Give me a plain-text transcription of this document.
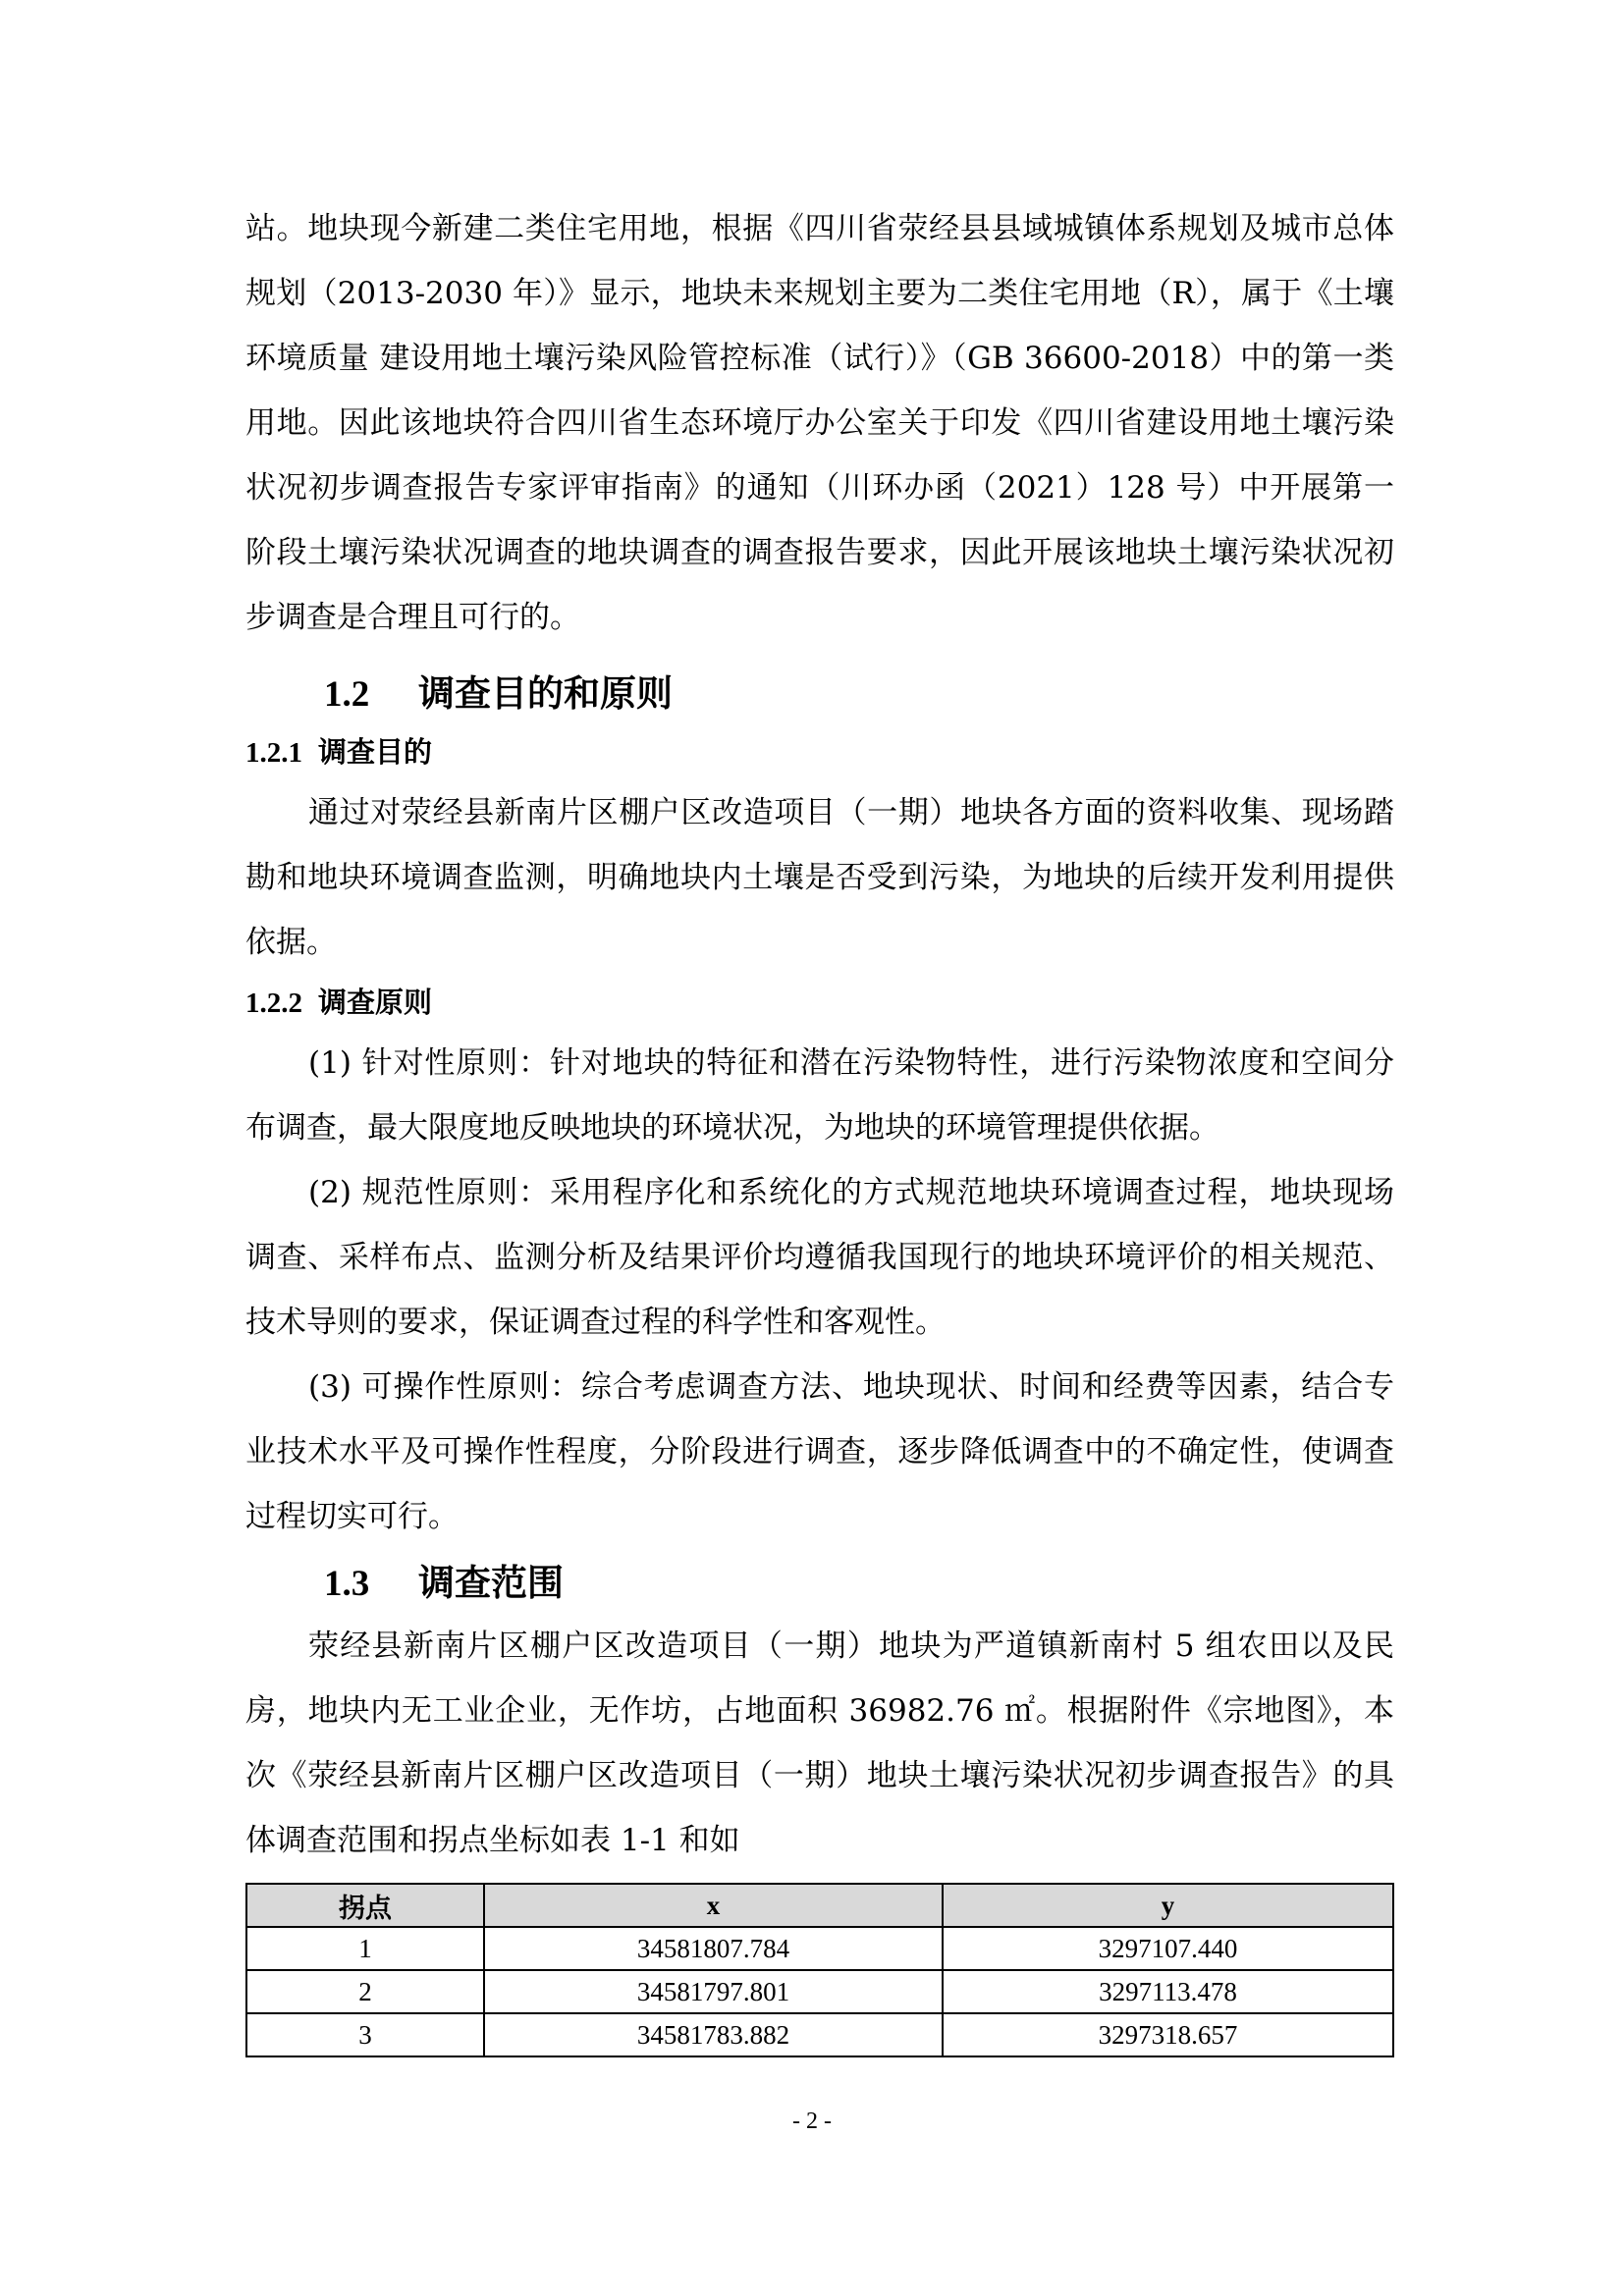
站。地块现今新建二类住宅用地，根据《四川省荥经县县域城镇体系规划及城市总体规划（2013-2030 年）》显示，地块未来规划主要为二类住宅用地（R），属于《土壤环境质量 建设用地土壤污染风险管控标准（试行）》（GB 36600-2018）中的第一类用地。因此该地块符合四川省生态环境厅办公室关于印发《四川省建设用地土壤污染状况初步调查报告专家评审指南》的通知（川环办函（2021）128 号）中开展第一阶段土壤污染状况调查的地块调查的调查报告要求，因此开展该地块土壤污染状况初步调查是合理且可行的。

1.2 调查目的和原则
1.2.1 调查目的

通过对荥经县新南片区棚户区改造项目（一期）地块各方面的资料收集、现场踏勘和地块环境调查监测，明确地块内土壤是否受到污染，为地块的后续开发利用提供依据。

1.2.2 调查原则

(1) 针对性原则：针对地块的特征和潜在污染物特性，进行污染物浓度和空间分布调查，最大限度地反映地块的环境状况，为地块的环境管理提供依据。

(2) 规范性原则：采用程序化和系统化的方式规范地块环境调查过程，地块现场调查、采样布点、监测分析及结果评价均遵循我国现行的地块环境评价的相关规范、技术导则的要求，保证调查过程的科学性和客观性。

(3) 可操作性原则：综合考虑调查方法、地块现状、时间和经费等因素，结合专业技术水平及可操作性程度，分阶段进行调查，逐步降低调查中的不确定性，使调查过程切实可行。

1.3 调查范围

荥经县新南片区棚户区改造项目（一期）地块为严道镇新南村 5 组农田以及民房，地块内无工业企业，无作坊，占地面积 36982.76 ㎡。根据附件《宗地图》，本次《荥经县新南片区棚户区改造项目（一期）地块土壤污染状况初步调查报告》的具体调查范围和拐点坐标如表 1-1 和如

拐点	x	y
1	34581807.784	3297107.440
2	34581797.801	3297113.478
3	34581783.882	3297318.657
- 2 -
